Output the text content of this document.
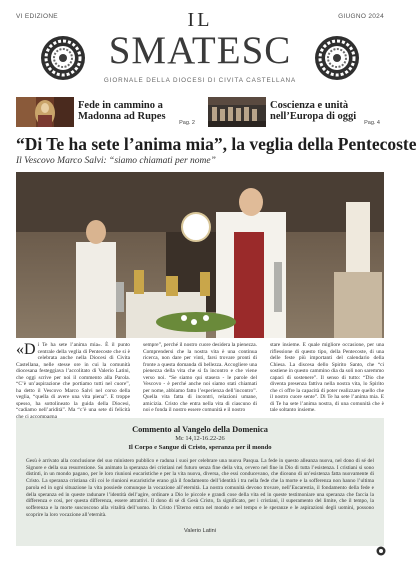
VI EDIZIONE	GIUGNO 2024
IL
SMATESC
GIORNALE DELLA DIOCESI DI CIVITA CASTELLANA
Fede in cammino a Madonna ad Rupes
Pag. 2
Coscienza e unità nell’Europa di oggi
Pag. 4
“Di Te ha sete l’anima mia”, la veglia della Pentecoste
Il Vescovo Marco Salvi: “siamo chiamati per nome”
«Di Te ha sete l’anima mia». È il punto centrale della veglia di Pentecoste che si è celebrata anche nella Diocesi di Civita Castellana, nelle stesse ore in cui la comunità diocesana festeggiava l’accolitato di Valerio Latini, che oggi scrive per noi il commento alla Parola. “C’è un’aspirazione che portiamo tutti nel cuore”, ha detto il Vescovo Marco Salvi nel corso della veglia, “quella di avere una vita piena”. E troppe spesso, ha sottolineato la guida della Diocesi, “cadiamo nell’aridità”. Ma “c’è una sete di felicità
sempre”, perché il nostro cuore desidera la pienezza. Comprendersi che la nostra vita è una continua ricerca, non dare per vinti, farsi trovare pronti di fronte a questa domanda di bellezza. Accogliere una pienezza della vita che si fa incontro e che viene verso noi. “Se siamo qui stasera - le parole del Vescovo - è perché anche noi siamo stati chiamati per nome, abbiamo fatto l’esperienza dell’incontro”. Quella vita fatta di incontri, relazioni umane, amicizia. Cristo che entra nella vita di ciascuno di noi e fonda il nostro essere comunità e il nostro
stare insieme. E quale migliore occasione, per una riflessione di questo tipo, della Pentecoste, di una delle feste più importanti del calendario della Chiesa. La discesa dello Spirito Santo, che “ci sostiene in questo cammino dia da soli non saremmo capaci di sostenere”. Il senso di tutto: “Dio che diventa presenza fattiva nella nostra vita, lo Spirito che ci offre la capacità di poter realizzare quello che il nostro cuore sente”. Di Te ha sete l’anima mia. E di Te ha sete l’anima nostra, di una comunità che è tale soltanto insieme.
Commento al Vangelo della Domenica
Mc 14,12-16.22-26
Il Corpo e Sangue di Cristo, speranza per il mondo
Gesù è arrivato alla conclusione del suo ministero pubblico e raduna i suoi per celebrare una nuova Pasqua. La fede in questo alleanza nuova, nel dono di sé del Signore e della sua resurrezione. Su animato la speranza dei cristiani nel futuro senza fine della vita, ovvero nel fine in Dio di tutta l’esistenza. I cristiani si sono distinti, in un mondo pagano, per le loro riunioni eucaristiche e per la vita nuova, diversa, che essi conducevano, che diceano di un’esistenza fatta nuovamente di Cristo. La speranza cristiana cili coi le riunioni eucaristiche erano già il fondamento dell’identità i tra nella fede che la morte e la sofferenza non hanno l’ultima parola ed in ogni situazione la vita possiede comunque la vocazione all’eternità. La nostra comunità devono trovare, nell’Eucarestia, il fondamento della fede e della speranza ed in queste radunare l’identità dell’agire, ordinare a Dio le piccole e grandi cose della vita ed in queste testimoniare una speranza che faccia la differenza e così, per questa differenza, essere attrattivi. Il dono di sé di Gesù Cristo, fa significato, per i cristiani, il superamento del limite, che il tempo, la sofferenza e la morte suscoscono alla vitalità dell’uomo. In Cristo l’Eterno entra nel mondo e nel tempo e le speranze e le aspirazioni degli uomini, possono scoprire la loro vocazione all’eternità.
Valerio Latini
